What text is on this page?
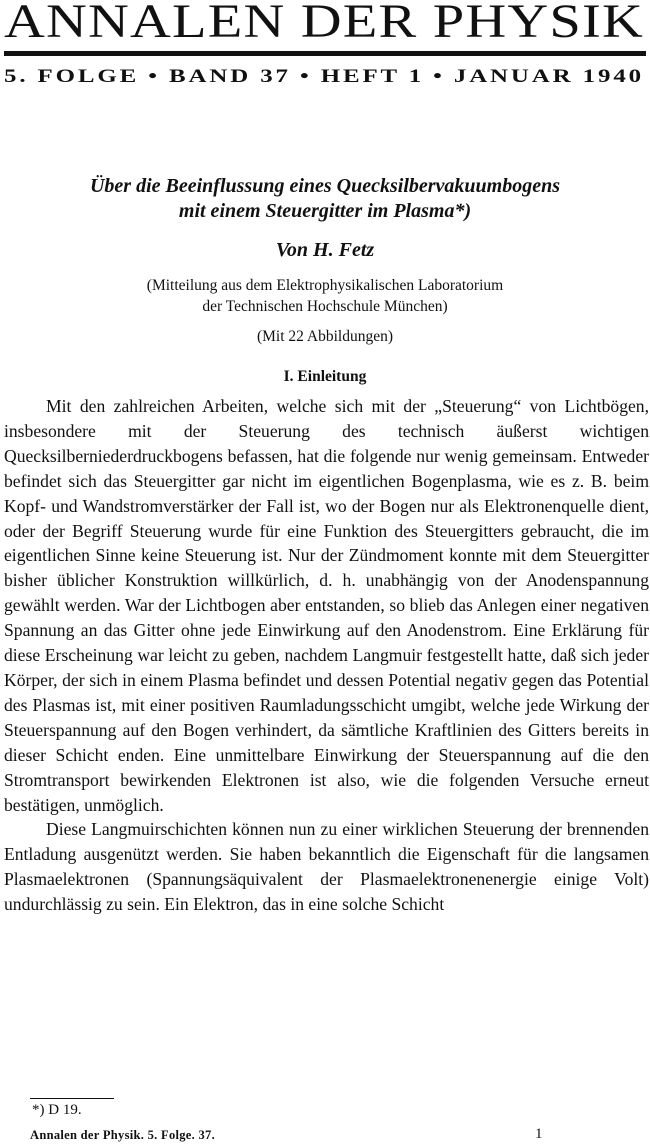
ANNALEN DER PHYSIK
5. FOLGE • BAND 37 • HEFT 1 • JANUAR 1940
Über die Beeinflussung eines Quecksilbervakuumbogens
mit einem Steuergitter im Plasma*)
Von H. Fetz
(Mitteilung aus dem Elektrophysikalischen Laboratorium
der Technischen Hochschule München)
(Mit 22 Abbildungen)
I. Einleitung

Mit den zahlreichen Arbeiten, welche sich mit der „Steuerung“ von Lichtbögen, insbesondere mit der Steuerung des technisch äußerst wichtigen Quecksilberniederdruckbogens befassen, hat die folgende nur wenig gemeinsam. Entweder befindet sich das Steuergitter gar nicht im eigentlichen Bogenplasma, wie es z. B. beim Kopf- und Wandstromverstärker der Fall ist, wo der Bogen nur als Elektronenquelle dient, oder der Begriff Steuerung wurde für eine Funktion des Steuergitters gebraucht, die im eigentlichen Sinne keine Steuerung ist. Nur der Zündmoment konnte mit dem Steuergitter bisher üblicher Konstruktion willkürlich, d. h. unabhängig von der Anodenspannung gewählt werden. War der Lichtbogen aber entstanden, so blieb das Anlegen einer negativen Spannung an das Gitter ohne jede Einwirkung auf den Anodenstrom. Eine Erklärung für diese Erscheinung war leicht zu geben, nachdem Langmuir festgestellt hatte, daß sich jeder Körper, der sich in einem Plasma befindet und dessen Potential negativ gegen das Potential des Plasmas ist, mit einer positiven Raumladungsschicht umgibt, welche jede Wirkung der Steuerspannung auf den Bogen verhindert, da sämtliche Kraftlinien des Gitters bereits in dieser Schicht enden. Eine unmittelbare Einwirkung der Steuerspannung auf die den Stromtransport bewirkenden Elektronen ist also, wie die folgenden Versuche erneut bestätigen, unmöglich.

Diese Langmuirschichten können nun zu einer wirklichen Steuerung der brennenden Entladung ausgenützt werden. Sie haben bekanntlich die Eigenschaft für die langsamen Plasmaelektronen (Spannungsäquivalent der Plasmaelektronenenergie einige Volt) undurchlässig zu sein. Ein Elektron, das in eine solche Schicht

*) D 19.
Annalen der Physik. 5. Folge. 37.	1
